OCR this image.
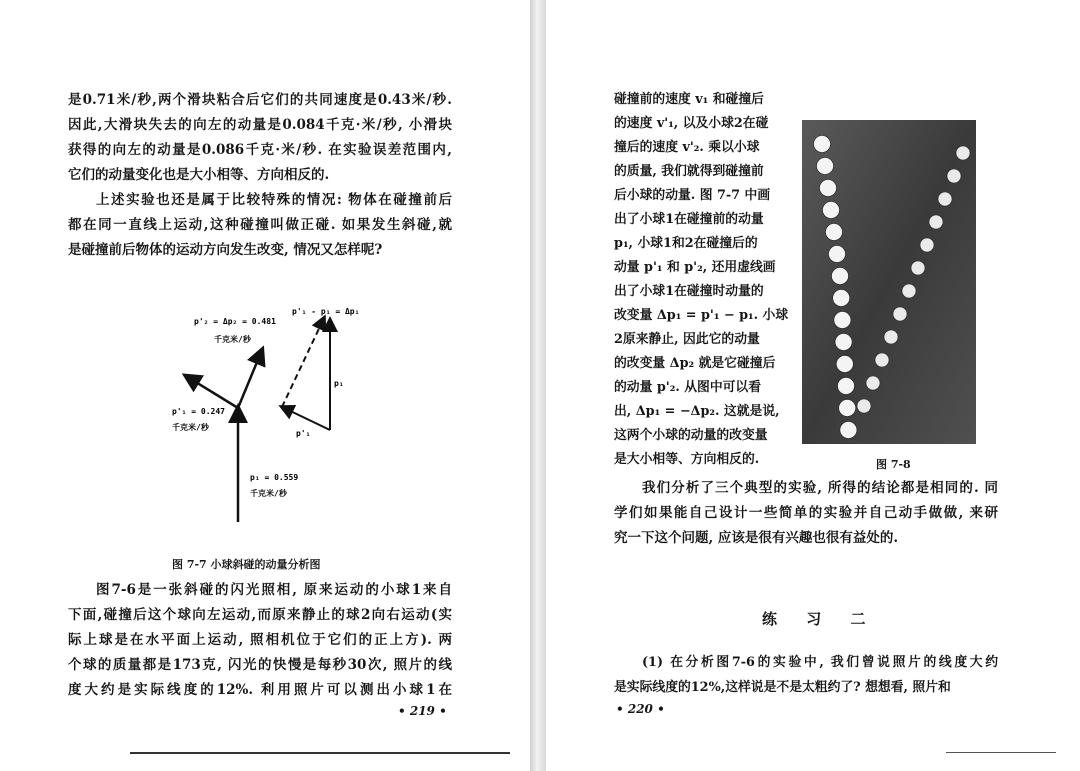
是0.71米/秒,两个滑块粘合后它们的共同速度是0.43米/秒.
因此,大滑块失去的向左的动量是0.084千克·米/秒, 小滑块
获得的向左的动量是0.086千克·米/秒. 在实验误差范围内,
它们的动量变化也是大小相等、方向相反的.
上述实验也还是属于比较特殊的情况: 物体在碰撞前后
都在同一直线上运动,这种碰撞叫做正碰. 如果发生斜碰,就
是碰撞前后物体的运动方向发生改变, 情况又怎样呢?
p'₂ = Δp₂ = 0.481
千克米/秒
p'₁ - p₁ = Δp₁
p₁
p'₁ = 0.247
千克米/秒
p'₁
p₁ = 0.559
千克米/秒
图 7-7 小球斜碰的动量分析图
图7-6是一张斜碰的闪光照相, 原来运动的小球1来自
下面,碰撞后这个球向左运动,而原来静止的球2向右运动(实
际上球是在水平面上运动, 照相机位于它们的正上方). 两
个球的质量都是173克, 闪光的快慢是每秒30次, 照片的线
度大约是实际线度的12%. 利用照片可以测出小球1在
• 219 •
碰撞前的速度 v₁ 和碰撞后
的速度 v'₁, 以及小球2在碰
撞后的速度 v'₂. 乘以小球
的质量, 我们就得到碰撞前
后小球的动量. 图 7-7 中画
出了小球1在碰撞前的动量
p₁, 小球1和2在碰撞后的
动量 p'₁ 和 p'₂, 还用虚线画
出了小球1在碰撞时动量的
改变量 Δp₁ = p'₁ − p₁. 小球
2原来静止, 因此它的动量
的改变量 Δp₂ 就是它碰撞后
的动量 p'₂. 从图中可以看
出, Δp₁ = −Δp₂. 这就是说,
这两个小球的动量的改变量
是大小相等、方向相反的.	图 7-8
我们分析了三个典型的实验, 所得的结论都是相同的. 同
学们如果能自己设计一些简单的实验并自己动手做做, 来研
究一下这个问题, 应该是很有兴趣也很有益处的.
练 习 二
(1) 在分析图7-6的实验中, 我们曾说照片的线度大约
是实际线度的12%,这样说是不是太粗约了? 想想看, 照片和
• 220 •
